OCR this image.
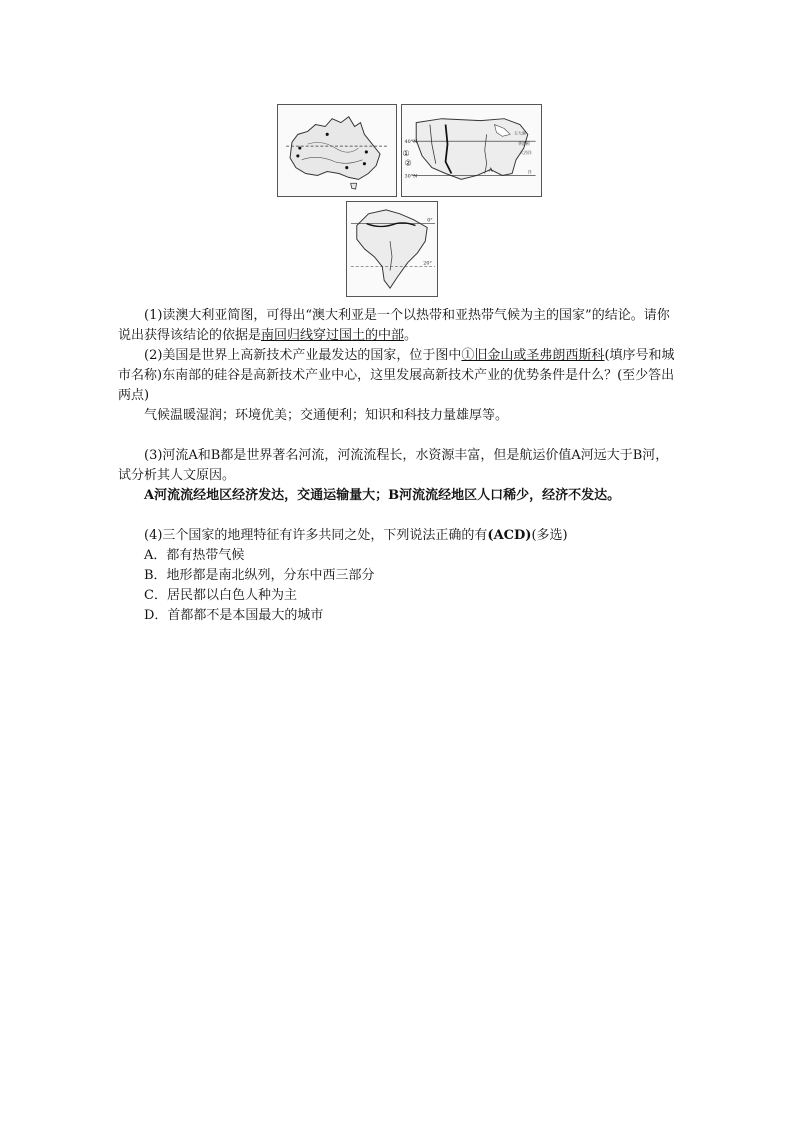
40°N
30°N
①
②
A
五大湖
华盛顿
大西洋
洋
0°
20°

(1)读澳大利亚简图，可得出“澳大利亚是一个以热带和亚热带气候为主的国家”的结论。请你说出获得该结论的依据是南回归线穿过国土的中部。

(2)美国是世界上高新技术产业最发达的国家，位于图中①旧金山或圣弗朗西斯科(填序号和城市名称)东南部的硅谷是高新技术产业中心，这里发展高新技术产业的优势条件是什么？(至少答出两点)

气候温暖湿润；环境优美；交通便利；知识和科技力量雄厚等。

(3)河流A和B都是世界著名河流，河流流程长，水资源丰富，但是航运价值A河远大于B河，试分析其人文原因。

A河流流经地区经济发达，交通运输量大；B河流流经地区人口稀少，经济不发达。

(4)三个国家的地理特征有许多共同之处，下列说法正确的有(ACD)(多选)

A．都有热带气候

B．地形都是南北纵列，分东中西三部分

C．居民都以白色人种为主

D．首都都不是本国最大的城市
